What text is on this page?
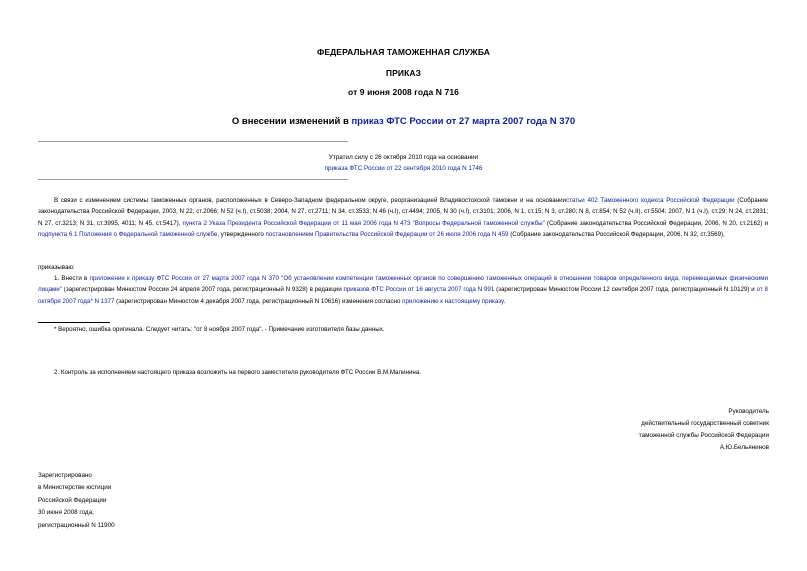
ФЕДЕРАЛЬНАЯ ТАМОЖЕННАЯ СЛУЖБА
ПРИКАЗ
от 9 июня 2008 года N 716
О внесении изменений в приказ ФТС России от 27 марта 2007 года N 370
Утратил силу с 26 октября 2010 года на основании
приказа ФТС России от 22 сентября 2010 года N 1746
В связи с изменением системы таможенных органов, расположенных в Северо-Западном федеральном округе, реорганизацией Владивостокской таможни и на основаниистатьи 402 Таможенного кодекса Российской Федерации (Собрание законодательства Российской Федерации, 2003, N 22, ст.2066; N 52 (ч.I), ст.5038; 2004, N 27, ст.2711; N 34, ст.3533; N 46 (ч.I), ст.4494; 2005, N 30 (ч.I), ст.3101; 2006, N 1, ст.15; N 3, ст.280; N 8, ст.854; N 52 (ч.II), ст.5504; 2007, N 1 (ч.I), ст.29; N 24, ст.2831; N 27, ст.3213; N 31, ст.3995, 4011; N 45, ст.5417), пункта 2 Указа Президента Российской Федерации от 11 мая 2006 года N 473 "Вопросы Федеральной таможенной службы" (Собрание законодательства Российской Федерации, 2006, N 20, ст.2162) и подпункта 6.1 Положения о Федеральной таможенной службе, утвержденного постановлением Правительства Российской Федерации от 26 июля 2006 года N 459 (Собрание законодательства Российской Федерации, 2006, N 32, ст.3569),
приказываю:
1. Внести в приложение к приказу ФТС России от 27 марта 2007 года N 370 "Об установлении компетенции таможенных органов по совершению таможенных операций в отношении товаров определенного вида, перемещаемых физическими лицами" (зарегистрирован Минюстом России 24 апреля 2007 года, регистрационный N 9328) в редакции приказов ФТС России от 16 августа 2007 года N 991 (зарегистрирован Минюстом России 12 сентября 2007 года, регистрационный N 10129) и от 8 октября 2007 года* N 1377 (зарегистрирован Минюстом 4 декабря 2007 года, регистрационный N 10616) изменения согласно приложению к настоящему приказу.
* Вероятно, ошибка оригинала. Следует читать: "от 8 ноября 2007 года". - Примечание изготовителя базы данных.
2. Контроль за исполнением настоящего приказа возложить на первого заместителя руководителя ФТС России В.М.Малинина.
Руководитель
действительный государственный советник
таможенной службы Российской Федерации
А.Ю.Бельянинов
Зарегистрировано
в Министерстве юстиции
Российской Федерации
30 июня 2008 года,
регистрационный N 11900
